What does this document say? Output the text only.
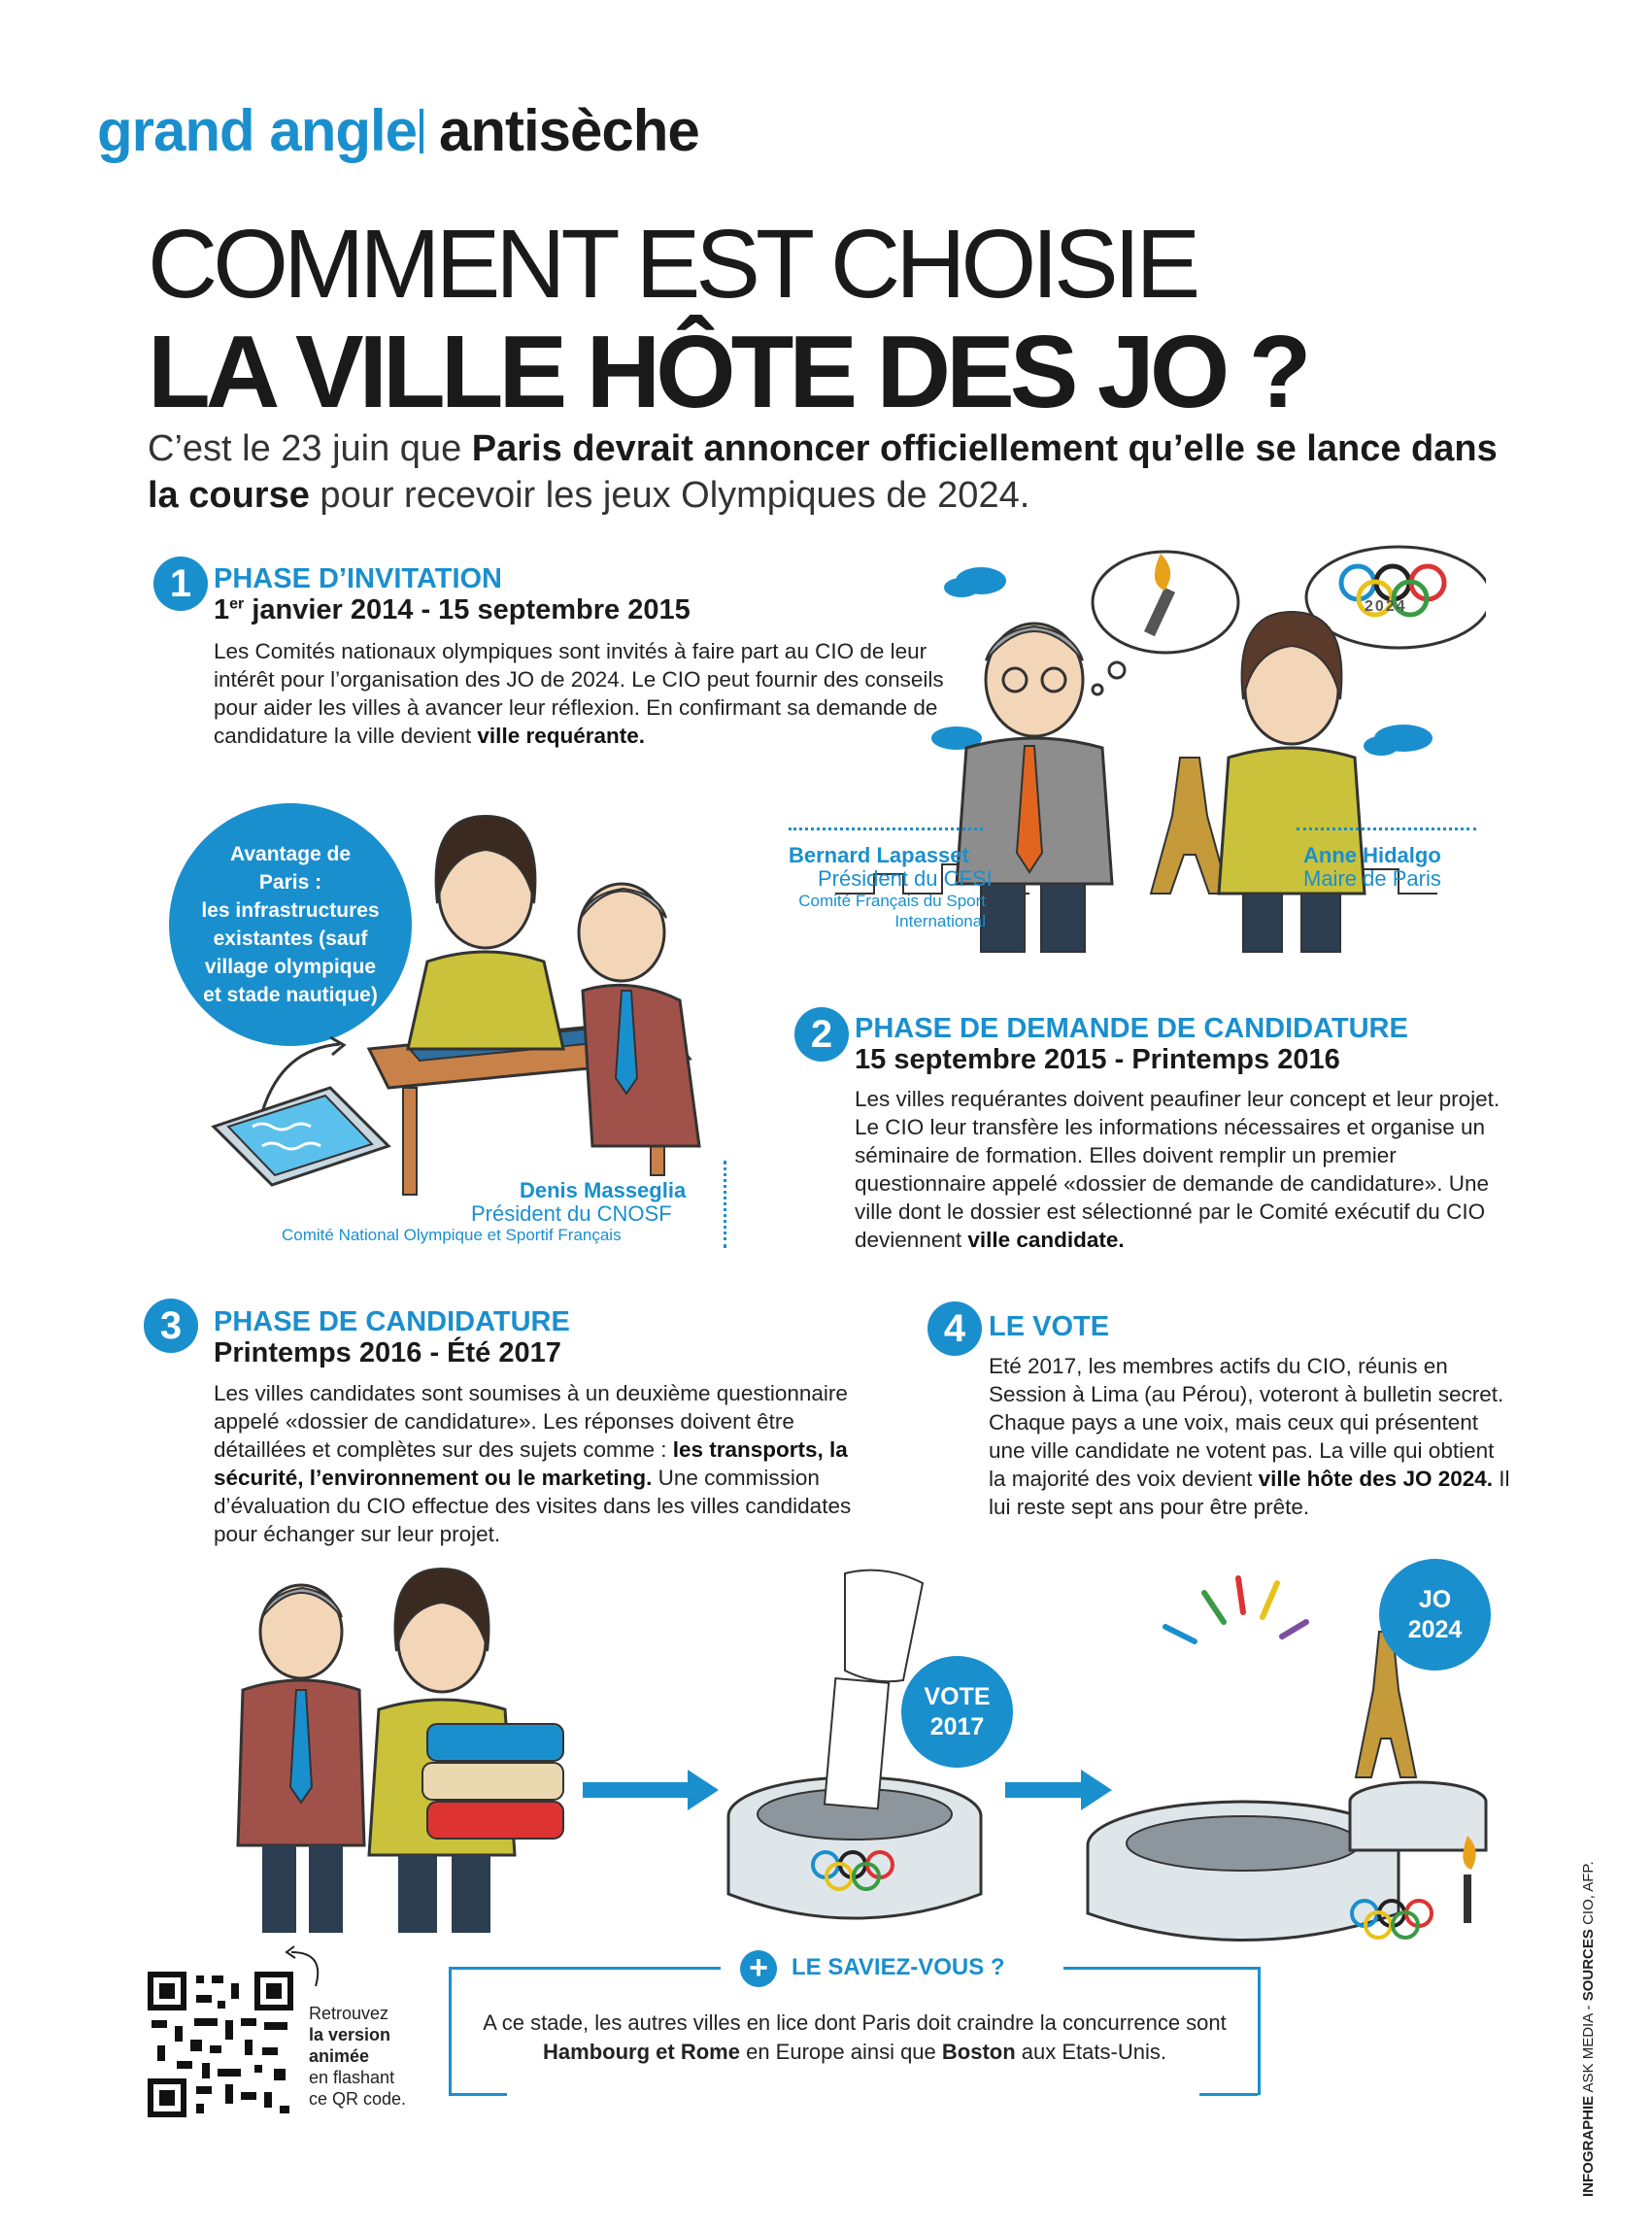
grand angle antisèche
COMMENT EST CHOISIE
LA VILLE HÔTE DES JO ?
C’est le 23 juin que Paris devrait annoncer officiellement qu’elle se lance dans la course pour recevoir les jeux Olympiques de 2024.
1 PHASE D’INVITATION
1er janvier 2014 - 15 septembre 2015
Les Comités nationaux olympiques sont invités à faire part au CIO de leur intérêt pour l’organisation des JO de 2024. Le CIO peut fournir des conseils pour aider les villes à avancer leur réflexion. En confirmant sa demande de candidature la ville devient ville requérante.
Bernard Lapasset
Président du CFSI
Comité Français du Sport International
Anne Hidalgo
Maire de Paris
2024
Avantage de Paris :
les infrastructures existantes (sauf village olympique et stade nautique)
Denis Masseglia
Président du CNOSF
Comité National Olympique et Sportif Français
2 PHASE DE DEMANDE DE CANDIDATURE
15 septembre 2015 - Printemps 2016
Les villes requérantes doivent peaufiner leur concept et leur projet. Le CIO leur transfère les informations nécessaires et organise un séminaire de formation. Elles doivent remplir un premier questionnaire appelé «dossier de demande de candidature». Une ville dont le dossier est sélectionné par le Comité exécutif du CIO deviennent ville candidate.
3	PHASE DE CANDIDATURE
Printemps 2016 - Été 2017
Les villes candidates sont soumises à un deuxième questionnaire appelé «dossier de candidature». Les réponses doivent être détaillées et complètes sur des sujets comme : les transports, la sécurité, l’environnement ou le marketing. Une commission d’évaluation du CIO effectue des visites dans les villes candidates pour échanger sur leur projet.
4 LE VOTE
Eté 2017, les membres actifs du CIO, réunis en Session à Lima (au Pérou), voteront à bulletin secret. Chaque pays a une voix, mais ceux qui présentent une ville candidate ne votent pas. La ville qui obtient la majorité des voix devient ville hôte des JO 2024. Il lui reste sept ans pour être prête.
VOTE
2017
JO
2024
+	LE SAVIEZ-VOUS ?
A ce stade, les autres villes en lice dont Paris doit craindre la concurrence sont Hambourg et Rome en Europe ainsi que Boston aux Etats-Unis.
Retrouvez
la version
animée
en flashant
ce QR code.	INFOGRAPHIE ASK MEDIA - SOURCES CIO, AFP.
